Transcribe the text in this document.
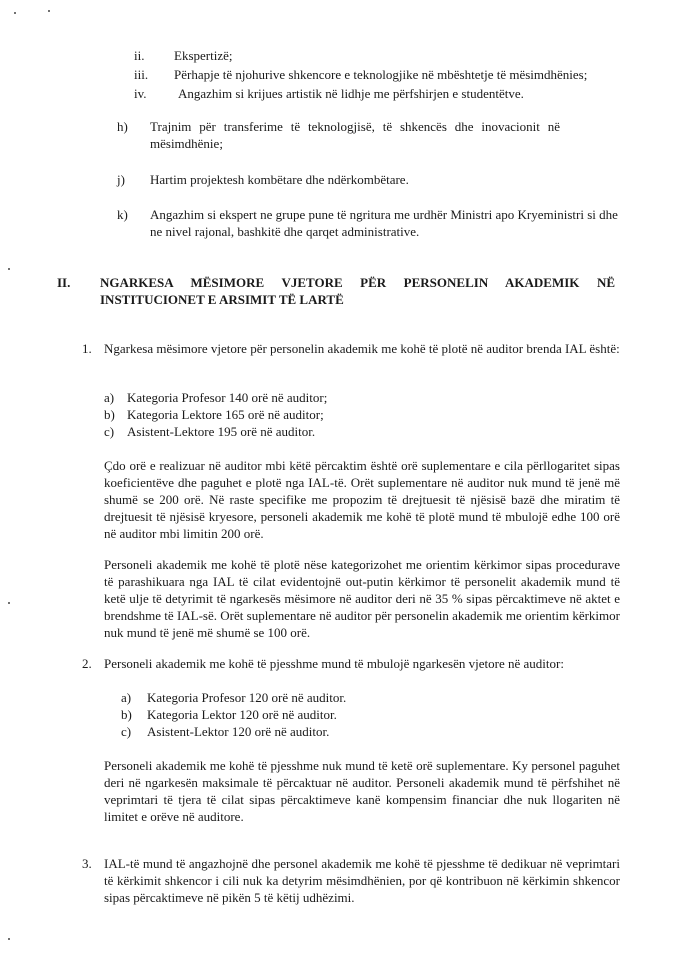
ii. Ekspertizë;
iii. Përhapje të njohurive shkencore e teknologjike në mbështetje të mësimdhënies;
iv. Angazhim si krijues artistik në lidhje me përfshirjen e studentëtve.
h) Trajnim për transferime të teknologjisë, të shkencës dhe inovacionit në mësimdhënie;
j) Hartim projektesh kombëtare dhe ndërkombëtare.
k) Angazhim si ekspert ne grupe pune të ngritura me urdhër Ministri apo Kryeministri si dhe ne nivel rajonal, bashkitë dhe qarqet administrative.
II. NGARKESA MËSIMORE VJETORE PËR PERSONELIN AKADEMIK NË INSTITUCIONET E ARSIMIT TË LARTË
1. Ngarkesa mësimore vjetore për personelin akademik me kohë të plotë në auditor brenda IAL është:
a) Kategoria Profesor 140 orë në auditor;
b) Kategoria Lektore 165 orë në auditor;
c) Asistent-Lektore 195 orë në auditor.
Çdo orë e realizuar në auditor mbi këtë përcaktim është orë suplementare e cila përllogaritet sipas koeficientëve dhe paguhet e plotë nga IAL-të. Orët suplementare në auditor nuk mund të jenë më shumë se 200 orë. Në raste specifike me propozim të drejtuesit të njësisë bazë dhe miratim të drejtuesit të njësisë kryesore, personeli akademik me kohë të plotë mund të mbulojë edhe 100 orë në auditor mbi limitin 200 orë.
Personeli akademik me kohë të plotë nëse kategorizohet me orientim kërkimor sipas procedurave të parashikuara nga IAL të cilat evidentojnë out-putin kërkimor të personelit akademik mund të ketë ulje të detyrimit të ngarkesës mësimore në auditor deri në 35 % sipas përcaktimeve në aktet e brendshme të IAL-së. Orët suplementare në auditor për personelin akademik me orientim kërkimor nuk mund të jenë më shumë se 100 orë.
2. Personeli akademik me kohë të pjesshme mund të mbulojë ngarkesën vjetore në auditor:
a) Kategoria Profesor 120 orë në auditor.
b) Kategoria Lektor 120 orë në auditor.
c) Asistent-Lektor 120 orë në auditor.
Personeli akademik me kohë të pjesshme nuk mund të ketë orë suplementare. Ky personel paguhet deri në ngarkesën maksimale të përcaktuar në auditor. Personeli akademik mund të përfshihet në veprimtari të tjera të cilat sipas përcaktimeve kanë kompensim financiar dhe nuk llogariten në limitet e orëve në auditore.
3. IAL-të mund të angazhojnë dhe personel akademik me kohë të pjesshme të dedikuar në veprimtari të kërkimit shkencor i cili nuk ka detyrim mësimdhënien, por që kontribuon në kërkimin shkencor sipas përcaktimeve në pikën 5 të këtij udhëzimi.
